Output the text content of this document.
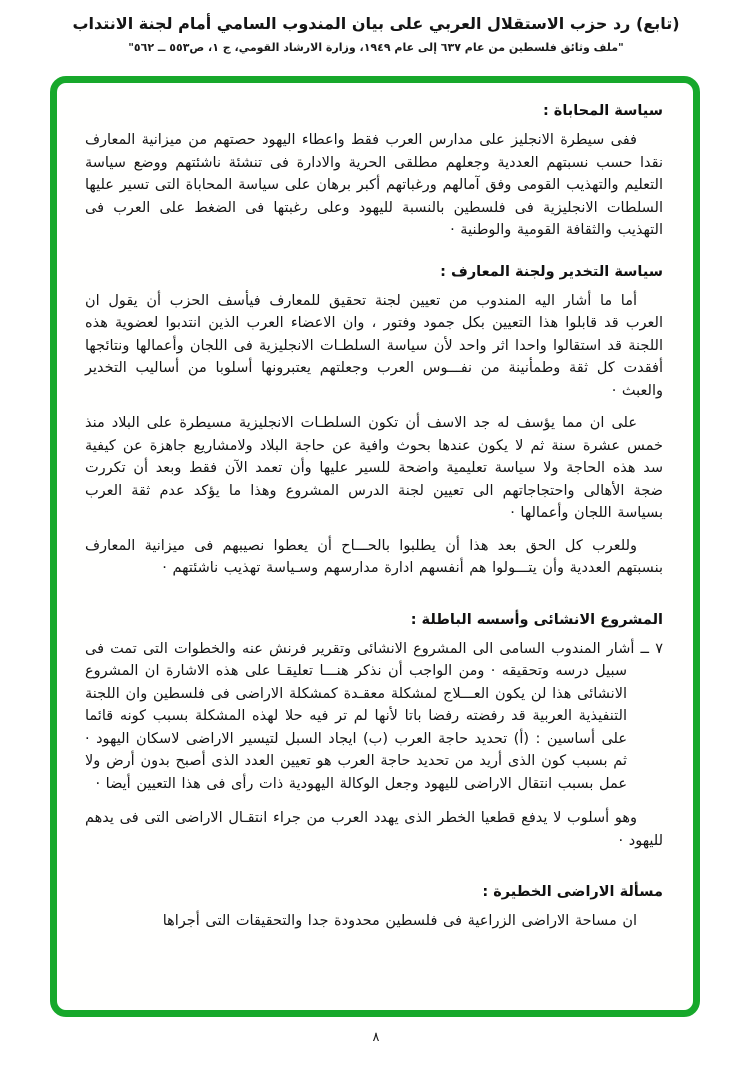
(تابع) رد حزب الاستقلال العربي على بيان المندوب السامي أمام لجنة الانتداب
"ملف وثائق فلسطين من عام ٦٣٧ إلى عام ١٩٤٩، وزارة الارشاد القومي، ج ١، ص٥٥٣ ــ ٥٦٢"
سياسة المحاباة :

ففى سيطرة الانجليز على مدارس العرب فقط واعطاء اليهود حصتهم من ميزانية المعارف نقدا حسب نسبتهم العددية وجعلهم مطلقى الحرية والادارة فى تنشئة ناشئتهم ووضع سياسة التعليم والتهذيب القومى وفق آمالهم ورغباتهم أكبر برهان على سياسة المحاباة التى تسير عليها السلطات الانجليزية فى فلسطين بالنسبة لليهود وعلى رغبتها فى الضغط على العرب فى التهذيب والثقافة القومية والوطنية ·

سياسة التخدير ولجنة المعارف :

أما ما أشار اليه المندوب من تعيين لجنة تحقيق للمعارف فيأسف الحزب أن يقول ان العرب قد قابلوا هذا التعيين بكل جمود وفتور ، وان الاعضاء العرب الذين انتدبوا لعضوية هذه اللجنة قد استقالوا واحدا اثر واحد لأن سياسة السلطـات الانجليزية فى اللجان وأعمالها ونتائجها أفقدت كل ثقة وطمأنينة من نفـــوس العرب وجعلتهم يعتبرونها أسلوبا من أساليب التخدير والعبث ·

على ان مما يؤسف له جد الاسف أن تكون السلطـات الانجليزية مسيطرة على البلاد منذ خمس عشرة سنة ثم لا يكون عندها بحوث وافية عن حاجة البلاد ولامشاريع جاهزة عن كيفية سد هذه الحاجة ولا سياسة تعليمية واضحة للسير عليها وأن تعمد الآن فقط وبعد أن تكررت ضجة الأهالى واحتجاجاتهم الى تعيين لجنة الدرس المشروع وهذا ما يؤكد عدم ثقة العرب بسياسة اللجان وأعمالها ·

وللعرب كل الحق بعد هذا أن يطلبوا بالحـــاح أن يعطوا نصيبهم فى ميزانية المعارف بنسبتهم العددية وأن يتـــولوا هم أنفسهم ادارة مدارسهم وسـياسة تهذيب ناشئتهم ·

المشروع الانشائى وأسسه الباطلة :

٧ ــ أشار المندوب السامى الى المشروع الانشائى وتقرير فرنش عنه والخطوات التى تمت فى سبيل درسه وتحقيقه · ومن الواجب أن نذكر هنـــا تعليقـا على هذه الاشارة ان المشروع الانشائى هذا لن يكون العـــلاج لمشكلة معقـدة كمشكلة الاراضى فى فلسطين وان اللجنة التنفيذية العربية قد رفضته رفضا باتا لأنها لم تر فيه حلا لهذه المشكلة بسبب كونه قائما على أساسين : (أ) تحديد حاجة العرب (ب) ايجاد السبل لتيسير الاراضى لاسكان اليهود · ثم بسبب كون الذى أريد من تحديد حاجة العرب هو تعيين العدد الذى أصبح بدون أرض ولا عمل بسبب انتقال الاراضى لليهود وجعل الوكالة اليهودية ذات رأى فى هذا التعيين أيضا ·

وهو أسلوب لا يدفع قطعيا الخطر الذى يهدد العرب من جراء انتقـال الاراضى التى فى يدهم لليهود ·

مسألة الاراضى الخطيرة :

ان مساحة الاراضى الزراعية فى فلسطين محدودة جدا والتحقيقات التى أجراها

٨
